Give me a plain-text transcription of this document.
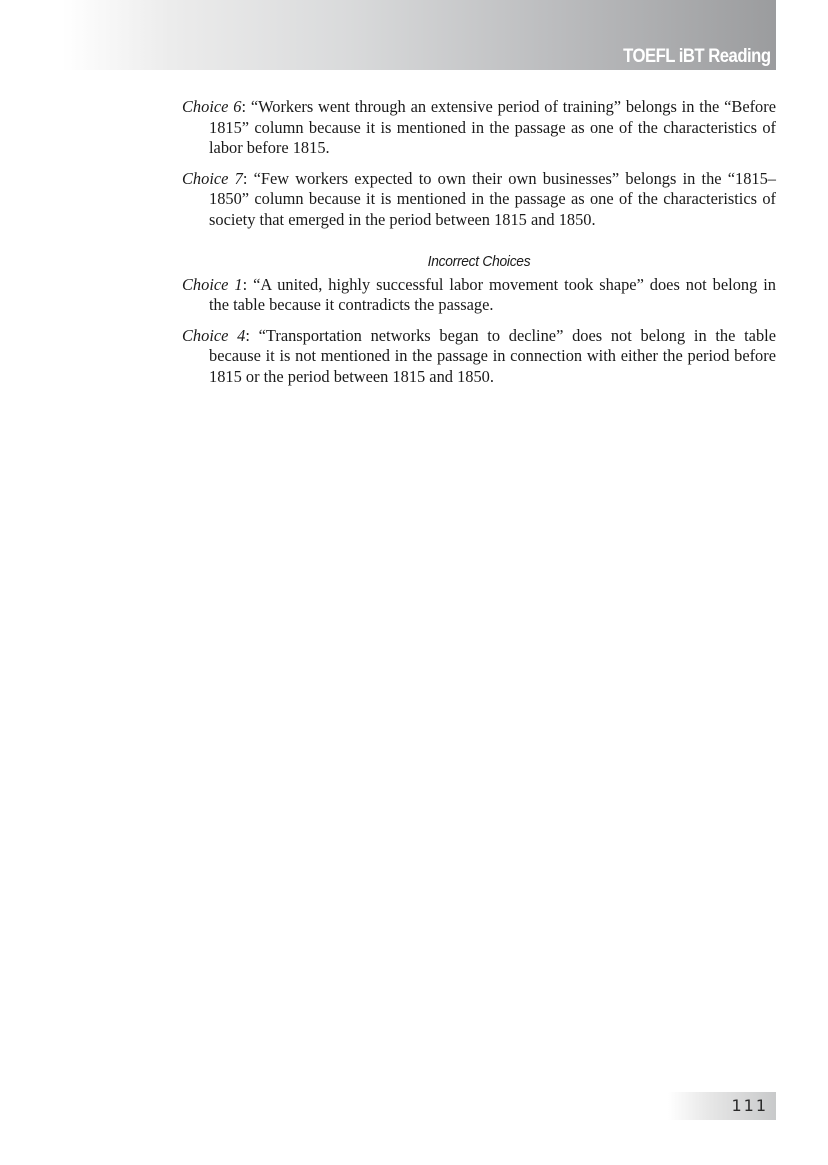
TOEFL iBT Reading

Choice 6: “Workers went through an extensive period of training” belongs in the “Before 1815” column because it is mentioned in the passage as one of the characteristics of labor before 1815.

Choice 7: “Few workers expected to own their own businesses” belongs in the “1815–1850” column because it is mentioned in the passage as one of the characteristics of society that emerged in the period between 1815 and 1850.

Incorrect Choices

Choice 1: “A united, highly successful labor movement took shape” does not belong in the table because it contradicts the passage.

Choice 4: “Transportation networks began to decline” does not belong in the table because it is not mentioned in the passage in connection with either the period before 1815 or the period between 1815 and 1850.

111
